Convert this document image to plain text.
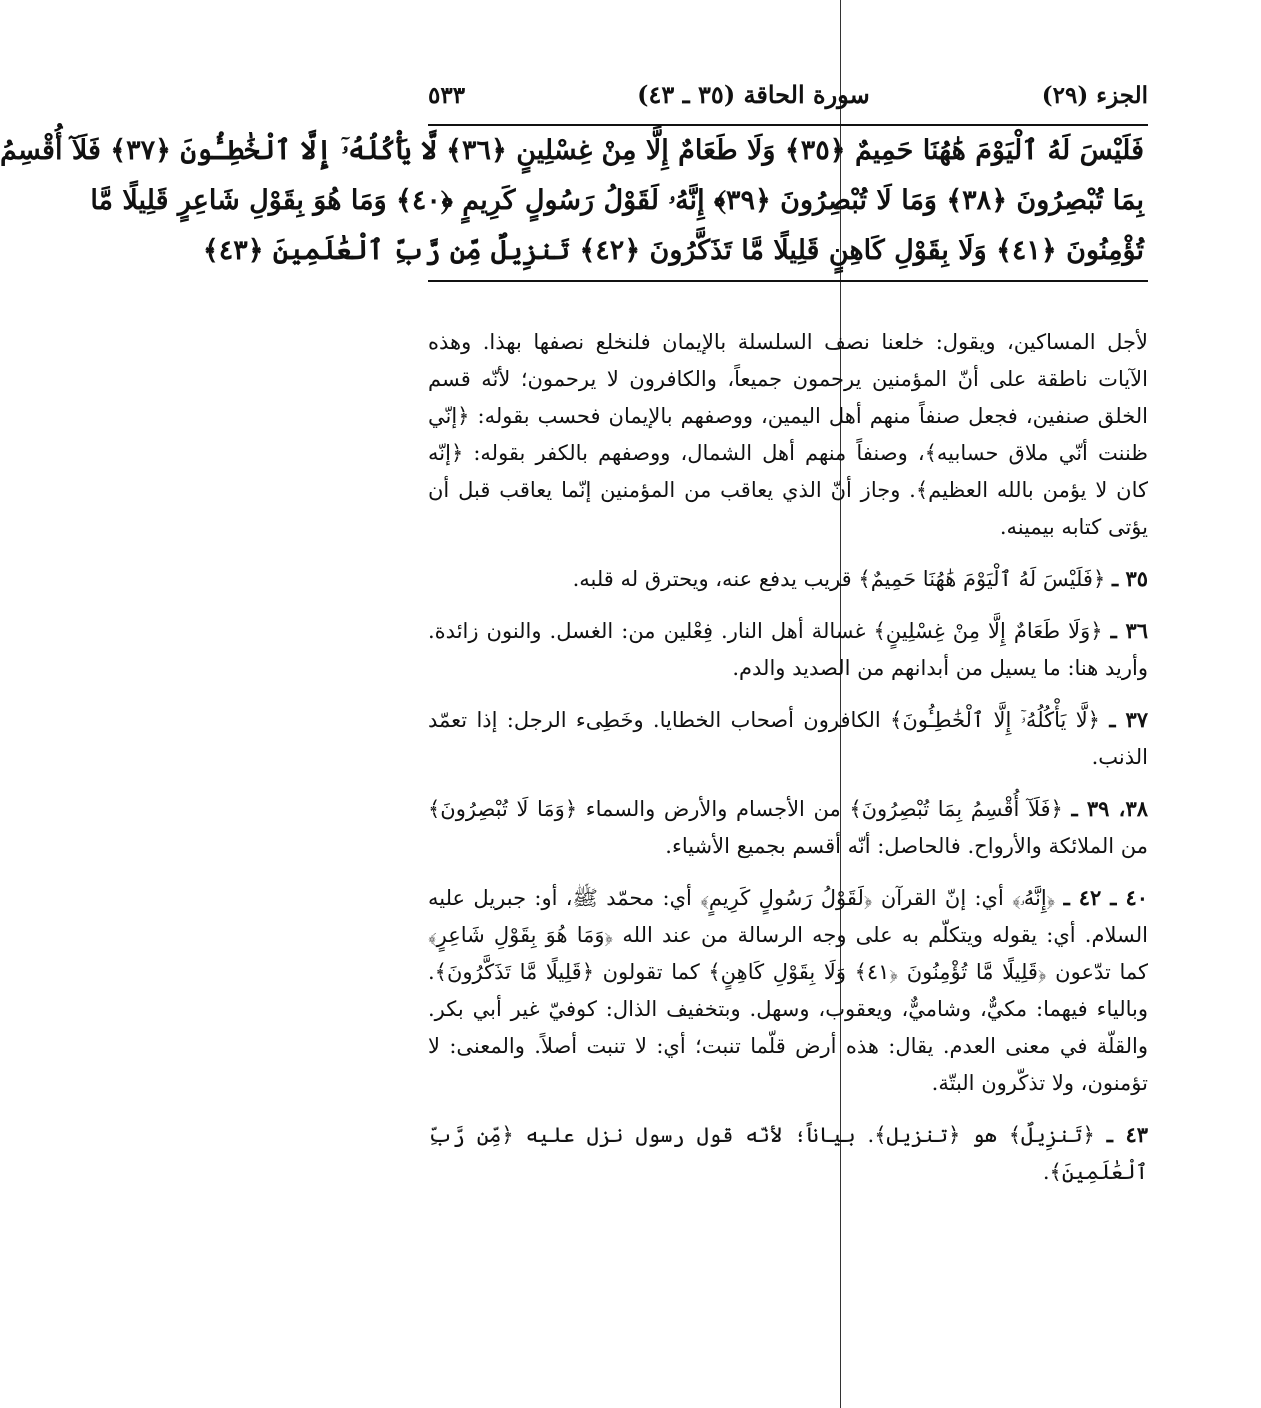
الجزء (٢٩)
سورة الحاقة (٣٥ ـ ٤٣)
٥٣٣
فَلَيْسَ لَهُ ٱلْيَوْمَ هَٰهُنَا حَمِيمٌ ﴿٣٥﴾ وَلَا طَعَامٌ إِلَّا مِنْ غِسْلِينٍ ﴿٣٦﴾ لَّا يَأْكُلُهُۥٓ إِلَّا ٱلْخَٰطِـُٔونَ ﴿٣٧﴾ فَلَآ أُقْسِمُ
بِمَا تُبْصِرُونَ ﴿٣٨﴾ وَمَا لَا تُبْصِرُونَ ﴿٣٩﴾ إِنَّهُۥ لَقَوْلُ رَسُولٍ كَرِيمٍ ﴿٤٠﴾ وَمَا هُوَ بِقَوْلِ شَاعِرٍ قَلِيلًا مَّا
تُؤْمِنُونَ ﴿٤١﴾ وَلَا بِقَوْلِ كَاهِنٍ قَلِيلًا مَّا تَذَكَّرُونَ ﴿٤٢﴾ تَنزِيلٌ مِّن رَّبِّ ٱلْعَٰلَمِينَ ﴿٤٣﴾

لأجل المساكين، ويقول: خلعنا نصف السلسلة بالإيمان فلنخلع نصفها بهذا. وهذه الآيات ناطقة على أنّ المؤمنين يرحمون جميعاً، والكافرون لا يرحمون؛ لأنّه قسم الخلق صنفين، فجعل صنفاً منهم أهل اليمين، ووصفهم بالإيمان فحسب بقوله: ﴿إنّي ظننت أنّي ملاق حسابيه﴾، وصنفاً منهم أهل الشمال، ووصفهم بالكفر بقوله: ﴿إنّه كان لا يؤمن بالله العظيم﴾. وجاز أنّ الذي يعاقب من المؤمنين إنّما يعاقب قبل أن يؤتى كتابه بيمينه.

٣٥ ـ ﴿فَلَيْسَ لَهُ ٱلْيَوْمَ هَٰهُنَا حَمِيمٌ﴾ قريب يدفع عنه، ويحترق له قلبه.

٣٦ ـ ﴿وَلَا طَعَامٌ إِلَّا مِنْ غِسْلِينٍ﴾ غسالة أهل النار. فِعْلين من: الغسل. والنون زائدة. وأريد هنا: ما يسيل من أبدانهم من الصديد والدم.

٣٧ ـ ﴿لَّا يَأْكُلُهُۥٓ إِلَّا ٱلْخَٰطِـُٔونَ﴾ الكافرون أصحاب الخطايا. وخَطِىء الرجل: إذا تعمّد الذنب.

٣٨، ٣٩ ـ ﴿فَلَآ أُقْسِمُ بِمَا تُبْصِرُونَ﴾ من الأجسام والأرض والسماء ﴿وَمَا لَا تُبْصِرُونَ﴾ من الملائكة والأرواح. فالحاصل: أنّه أقسم بجميع الأشياء.

٤٠ ـ ٤٢ ـ ﴿إِنَّهُۥ﴾ أي: إنّ القرآن ﴿لَقَوْلُ رَسُولٍ كَرِيمٍ﴾ أي: محمّد ﷺ، أو: جبريل عليه السلام. أي: يقوله ويتكلّم به على وجه الرسالة من عند الله ﴿وَمَا هُوَ بِقَوْلِ شَاعِرٍ﴾ كما تدّعون ﴿قَلِيلًا مَّا تُؤْمِنُونَ ﴿٤١﴾ وَلَا بِقَوْلِ كَاهِنٍ﴾ كما تقولون ﴿قَلِيلًا مَّا تَذَكَّرُونَ﴾. وبالياء فيهما: مكيٌّ، وشاميٌّ، ويعقوب، وسهل. وبتخفيف الذال: كوفيّ غير أبي بكر. والقلّة في معنى العدم. يقال: هذه أرض قلّما تنبت؛ أي: لا تنبت أصلاً. والمعنى: لا تؤمنون، ولا تذكّرون البتّة.

٤٣ ـ ﴿تَنزِيلٌ﴾ هو ﴿تنزيل﴾. بياناً؛ لأنّه قول رسول نزل عليه ﴿مِّن رَّبِّ ٱلْعَٰلَمِينَ﴾.
